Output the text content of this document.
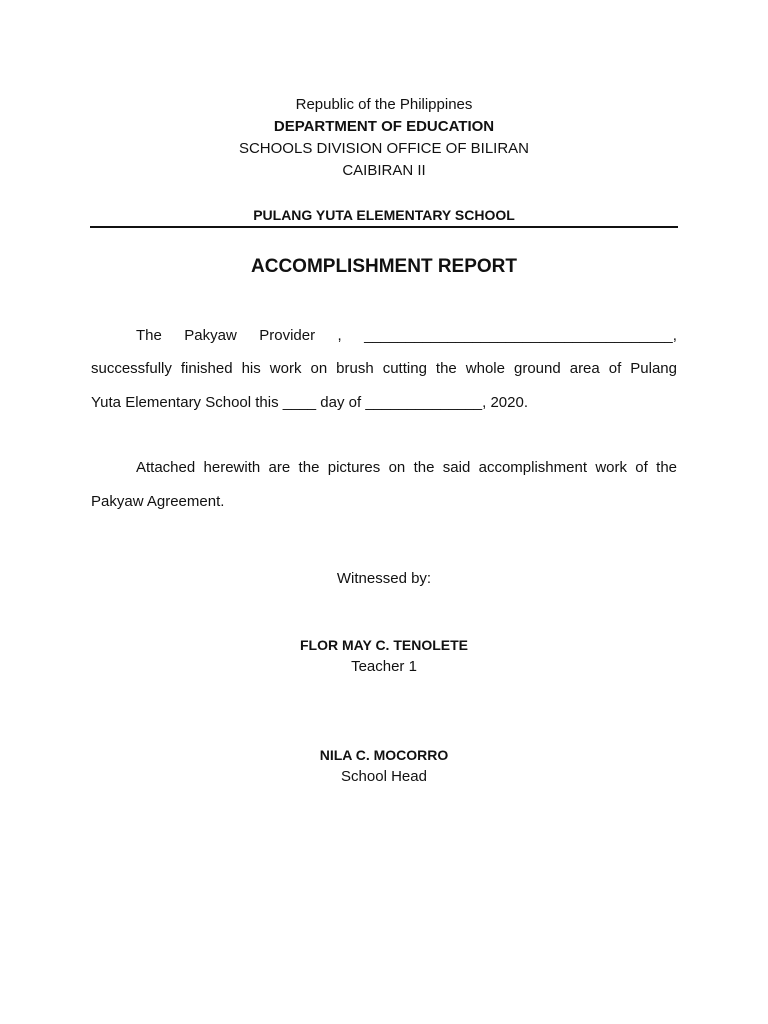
Republic of the Philippines
DEPARTMENT OF EDUCATION
SCHOOLS DIVISION OFFICE OF BILIRAN
CAIBIRAN II
PULANG YUTA ELEMENTARY SCHOOL
ACCOMPLISHMENT REPORT
The Pakyaw Provider , _____________________________________,
successfully finished his work on brush cutting the whole ground area of Pulang
Yuta Elementary School this ____ day of ______________, 2020.
Attached herewith are the pictures on the said accomplishment work of the
Pakyaw Agreement.
Witnessed by:
FLOR MAY C. TENOLETE
Teacher 1
NILA C. MOCORRO
School Head
